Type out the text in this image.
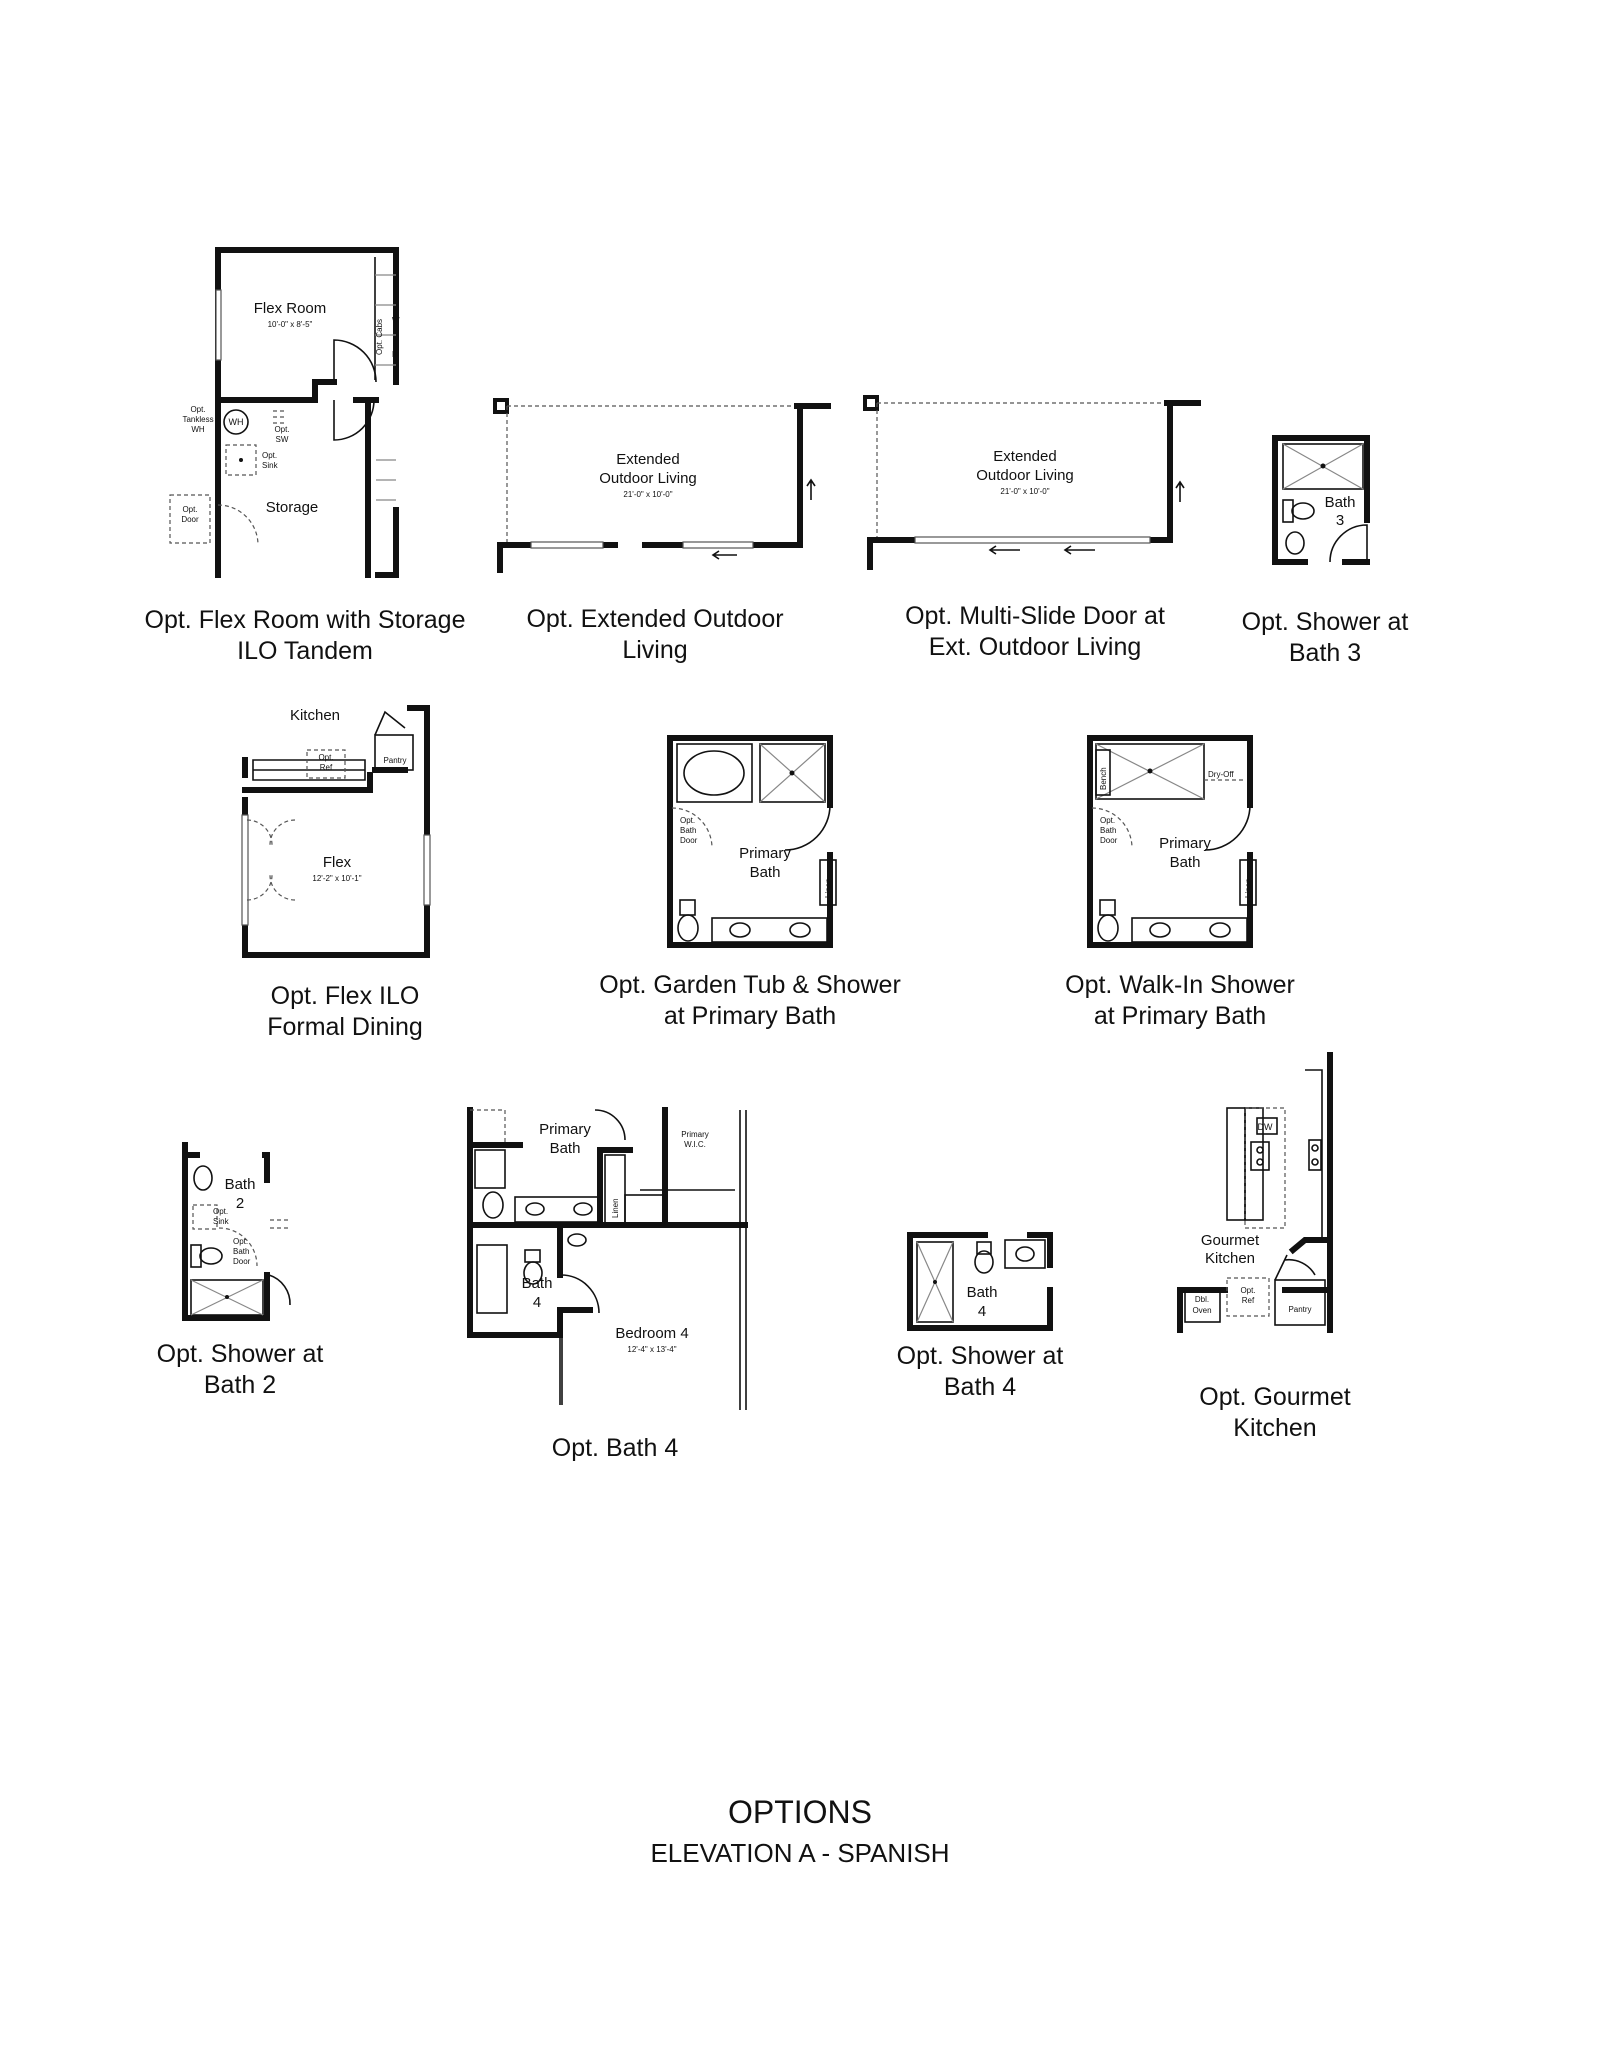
Flex Room
10'-0" x 8'-5"
Opt.
Tankless
WH
WH
Opt.
SW
Opt.
Sink
Storage
Opt.
Door
W
D
Opt. Cabs
Opt. Flex Room with Storage
ILO Tandem
Extended
Outdoor Living
21'-0" x 10'-0"
Opt. Extended Outdoor
Living
Extended
Outdoor Living
21'-0" x 10'-0"
Opt. Multi-Slide Door at
Ext. Outdoor Living
Bath
3
Opt. Shower at
Bath 3
Kitchen
Opt.
Ref
Pantry
Flex
12'-2" x 10'-1"
Opt. Flex ILO
Formal Dining
Opt.
Bath
Door
Primary
Bath
Linen
Opt. Garden Tub & Shower
at Primary Bath
Bench	Dry-Off
Opt.
Bath
Door	Primary
Bath
Linen
Opt. Walk-In Shower
at Primary Bath
Bath
2
Opt.
Sink
Opt.
Bath
Door
Opt. Shower at
Bath 2
Primary
Bath
Primary
W.I.C.
Linen
Bath
4
Bedroom 4
12'-4" x 13'-4"
Opt. Bath 4
Bath
4
Opt. Shower at
Bath 4
DW
Gourmet
Kitchen
Dbl.
Oven
Opt.
Ref
Pantry
Opt. Gourmet
Kitchen
OPTIONS
ELEVATION A - SPANISH
